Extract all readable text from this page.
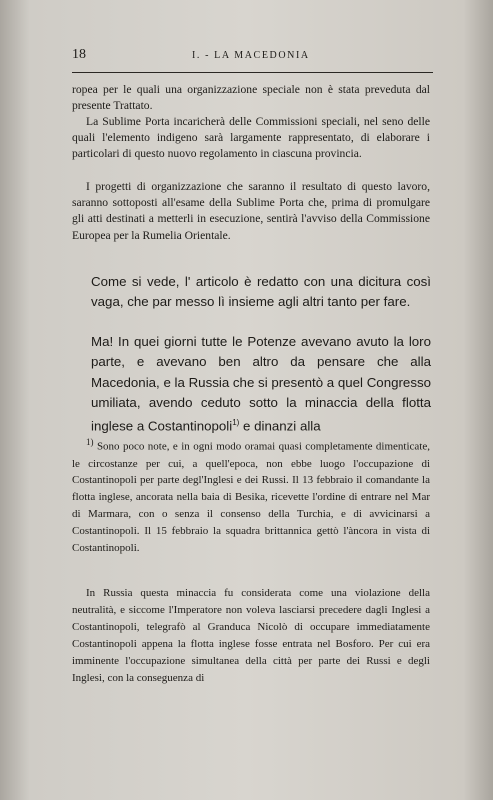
18	I. - LA MACEDONIA

ropea per le quali una organizzazione speciale non è stata preveduta dal presente Trattato.

La Sublime Porta incaricherà delle Commissioni speciali, nel seno delle quali l'elemento indigeno sarà largamente rappresentato, di elaborare i particolari di questo nuovo regolamento in ciascuna provincia.

I progetti di organizzazione che saranno il resultato di questo lavoro, saranno sottoposti all'esame della Sublime Porta che, prima di promulgare gli atti destinati a metterli in esecuzione, sentirà l'avviso della Commissione Europea per la Rumelia Orientale.

Come si vede, l' articolo è redatto con una dicitura così vaga, che par messo lì insieme agli altri tanto per fare.

Ma! In quei giorni tutte le Potenze avevano avuto la loro parte, e avevano ben altro da pensare che alla Macedonia, e la Russia che si presentò a quel Congresso umiliata, avendo ceduto sotto la minaccia della flotta inglese a Costantinopoli$^{1)}$ e dinanzi alla

$^{1)}$ Sono poco note, e in ogni modo oramai quasi completamente dimenticate, le circostanze per cui, a quell'epoca, non ebbe luogo l'occupazione di Costantinopoli per parte degl'Inglesi e dei Russi. Il 13 febbraio il comandante la flotta inglese, ancorata nella baia di Besika, ricevette l'ordine di entrare nel Mar di Marmara, con o senza il consenso della Turchia, e di avvicinarsi a Costantinopoli. Il 15 febbraio la squadra brittannica gettò l'àncora in vista di Costantinopoli.

In Russia questa minaccia fu considerata come una violazione della neutralità, e siccome l'Imperatore non voleva lasciarsi precedere dagli Inglesi a Costantinopoli, telegrafò al Granduca Nicolò di occupare immediatamente Costantinopoli appena la flotta inglese fosse entrata nel Bosforo. Per cui era imminente l'occupazione simultanea della città per parte dei Russi e degli Inglesi, con la conseguenza di
